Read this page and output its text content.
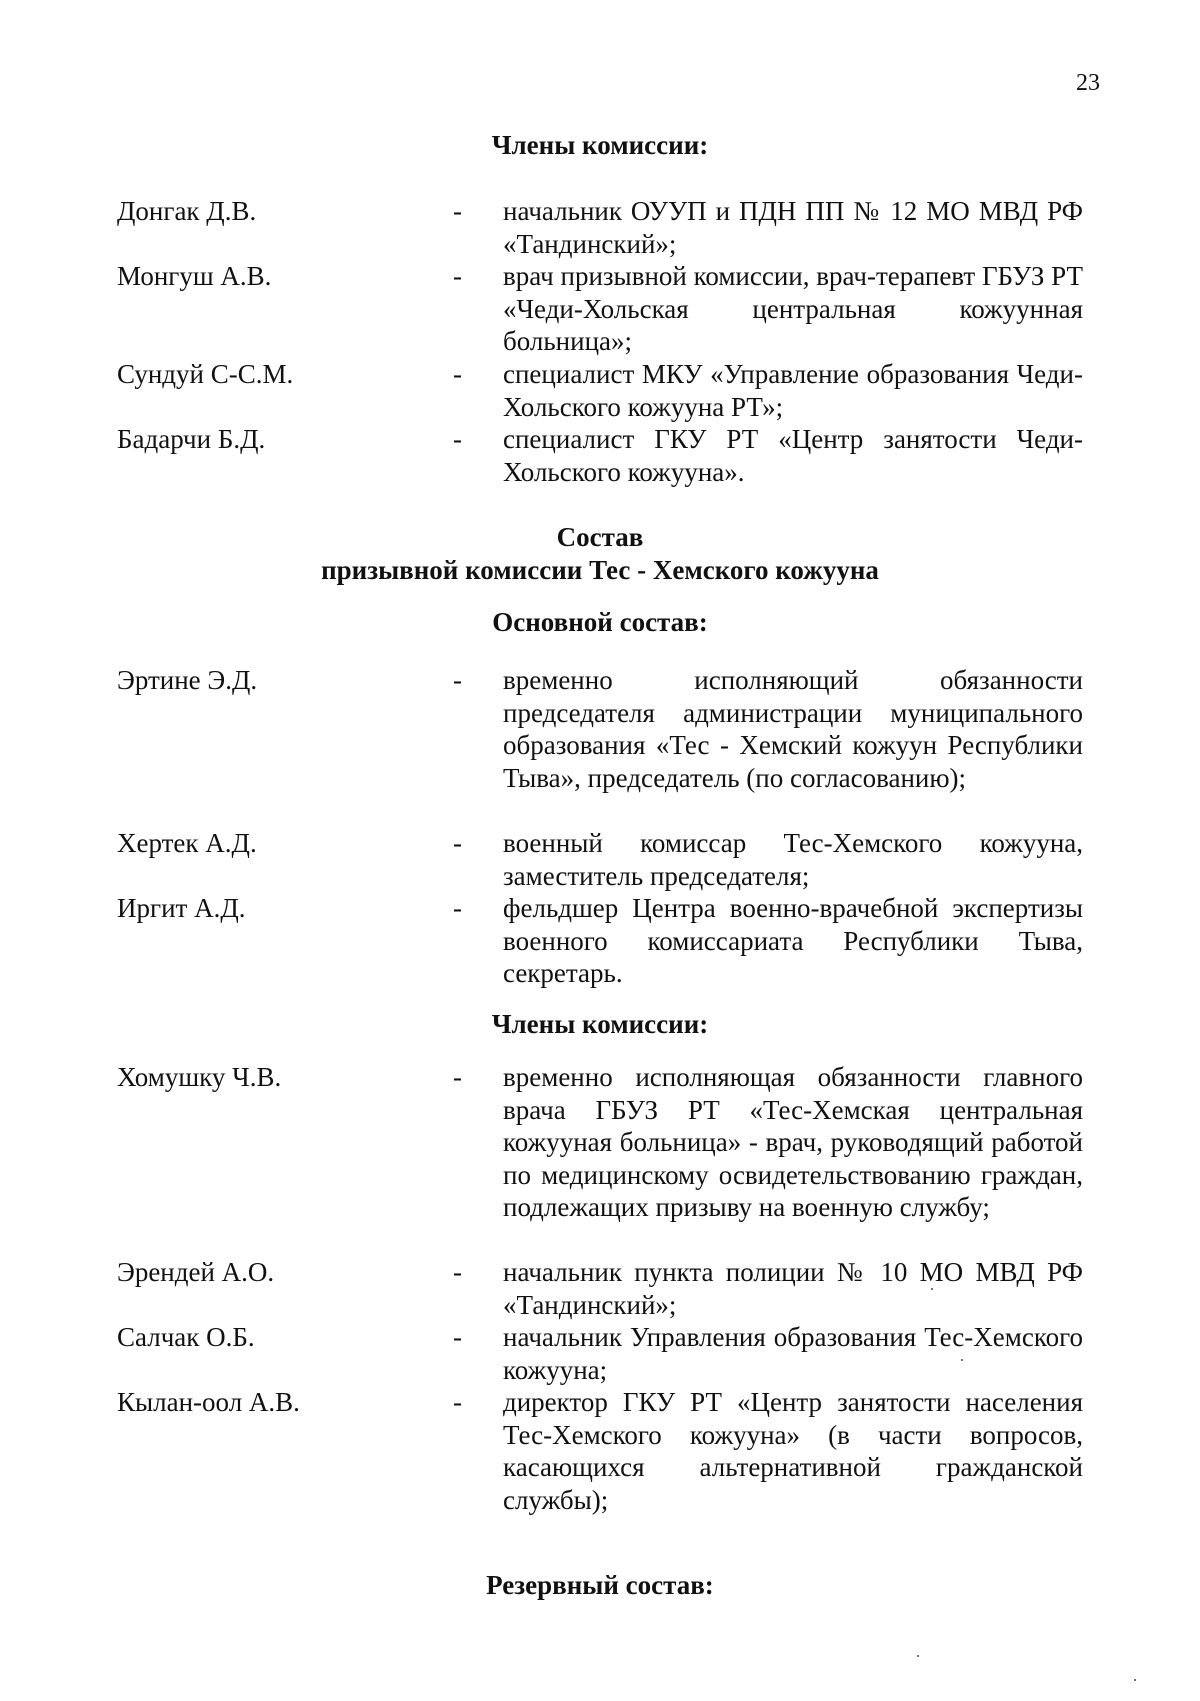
23
Члены комиссии:
Донгак Д.В.	- начальник ОУУП и ПДН ПП № 12 МО МВД РФ «Тандинский»;
Монгуш А.В.	- врач призывной комиссии, врач-терапевт ГБУЗ РТ «Чеди-Хольская центральная кожуунная больница»;
Сундуй С-С.М.	- специалист МКУ «Управление образования Чеди-Хольского кожууна РТ»;
Бадарчи Б.Д.	- специалист ГКУ РТ «Центр занятости Чеди-Хольского кожууна».
Состав
призывной комиссии Тес - Хемского кожууна
Основной состав:
Эртине Э.Д.	- временно исполняющий обязанности председателя администрации муниципального образования «Тес - Хемский кожуун Республики Тыва», председатель (по согласованию);
Хертек А.Д.	- военный комиссар Тес-Хемского кожууна, заместитель председателя;
Иргит А.Д.	- фельдшер Центра военно-врачебной экспертизы военного комиссариата Республики Тыва, секретарь.
Члены комиссии:
Хомушку Ч.В.	- временно исполняющая обязанности главного врача ГБУЗ РТ «Тес-Хемская центральная кожууная больница» - врач, руководящий работой по медицинскому освидетельствованию граждан, подлежащих призыву на военную службу;
Эрендей А.О.	- начальник пункта полиции № 10 МО МВД РФ «Тандинский»;
Салчак О.Б.	- начальник Управления образования Тес-Хемского кожууна;
Кылан-оол А.В.	- директор ГКУ РТ «Центр занятости населения Тес-Хемского кожууна» (в части вопросов, касающихся альтернативной гражданской службы);
Резервный состав:
